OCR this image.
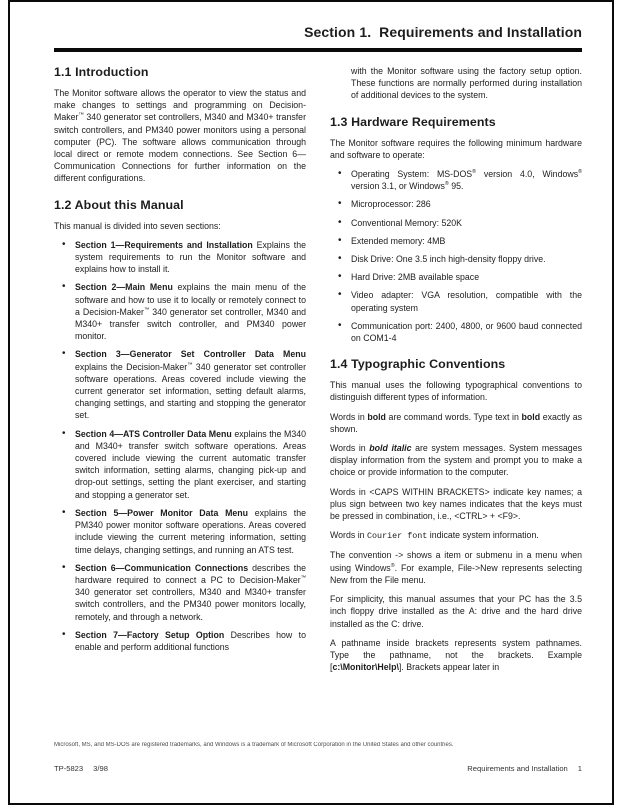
Section 1.  Requirements and Installation
1.1 Introduction

The Monitor software allows the operator to view the status and make changes to settings and programming on Decision-Maker™ 340 generator set controllers, M340 and M340+ transfer switch controllers, and PM340 power monitors using a personal computer (PC). The software allows communication through local direct or remote modem connections. See Section 6—Communication Connections for further information on the different configurations.

1.2 About this Manual

This manual is divided into seven sections:

• Section 1—Requirements and Installation Explains the system requirements to run the Monitor software and explains how to install it.
• Section 2—Main Menu explains the main menu of the software and how to use it to locally or remotely connect to a Decision-Maker™ 340 generator set controller, M340 and M340+ transfer switch controller, and PM340 power monitor.
• Section 3—Generator Set Controller Data Menu explains the Decision-Maker™ 340 generator set controller software operations. Areas covered include viewing the current generator set information, setting default alarms, changing settings, and starting and stopping the generator set.
• Section 4—ATS Controller Data Menu explains the M340 and M340+ transfer switch software operations. Areas covered include viewing the current automatic transfer switch information, setting alarms, changing pick-up and drop-out settings, setting the plant exerciser, and starting and stopping a generator set.
• Section 5—Power Monitor Data Menu explains the PM340 power monitor software operations. Areas covered include viewing the current metering information, setting time delays, changing settings, and running an ATS test.
• Section 6—Communication Connections describes the hardware required to connect a PC to Decision-Maker™ 340 generator set controllers, M340 and M340+ transfer switch controllers, and the PM340 power monitors locally, remotely, and through a network.
• Section 7—Factory Setup Option Describes how to enable and perform additional functions

with the Monitor software using the factory setup option. These functions are normally performed during installation of additional devices to the system.

1.3 Hardware Requirements

The Monitor software requires the following minimum hardware and software to operate:

• Operating System: MS-DOS® version 4.0, Windows® version 3.1, or Windows® 95.
• Microprocessor: 286
• Conventional Memory: 520K
• Extended memory: 4MB
• Disk Drive: One 3.5 inch high-density floppy drive.
• Hard Drive: 2MB available space
• Video adapter: VGA resolution, compatible with the operating system
• Communication port: 2400, 4800, or 9600 baud connected on COM1-4
1.4 Typographic Conventions

This manual uses the following typographical conventions to distinguish different types of information.

Words in bold are command words. Type text in bold exactly as shown.

Words in bold italic are system messages. System messages display information from the system and prompt you to make a choice or provide information to the computer.

Words in <CAPS WITHIN BRACKETS> indicate key names; a plus sign between two key names indicates that the keys must be pressed in combination, i.e., <CTRL> + <F9>.

Words in Courier font indicate system information.

The convention -> shows a item or submenu in a menu when using Windows®. For example, File->New represents selecting New from the File menu.

For simplicity, this manual assumes that your PC has the 3.5 inch floppy drive installed as the A: drive and the hard drive installed as the C: drive.

A pathname inside brackets represents system pathnames. Type the pathname, not the brackets. Example [c:\Monitor\Help\]. Brackets appear later in

Microsoft, MS, and MS-DOS are registered trademarks, and Windows is a trademark of Microsoft Corporation in the United States and other countries.
TP-5823 3/98	Requirements and Installation 1
